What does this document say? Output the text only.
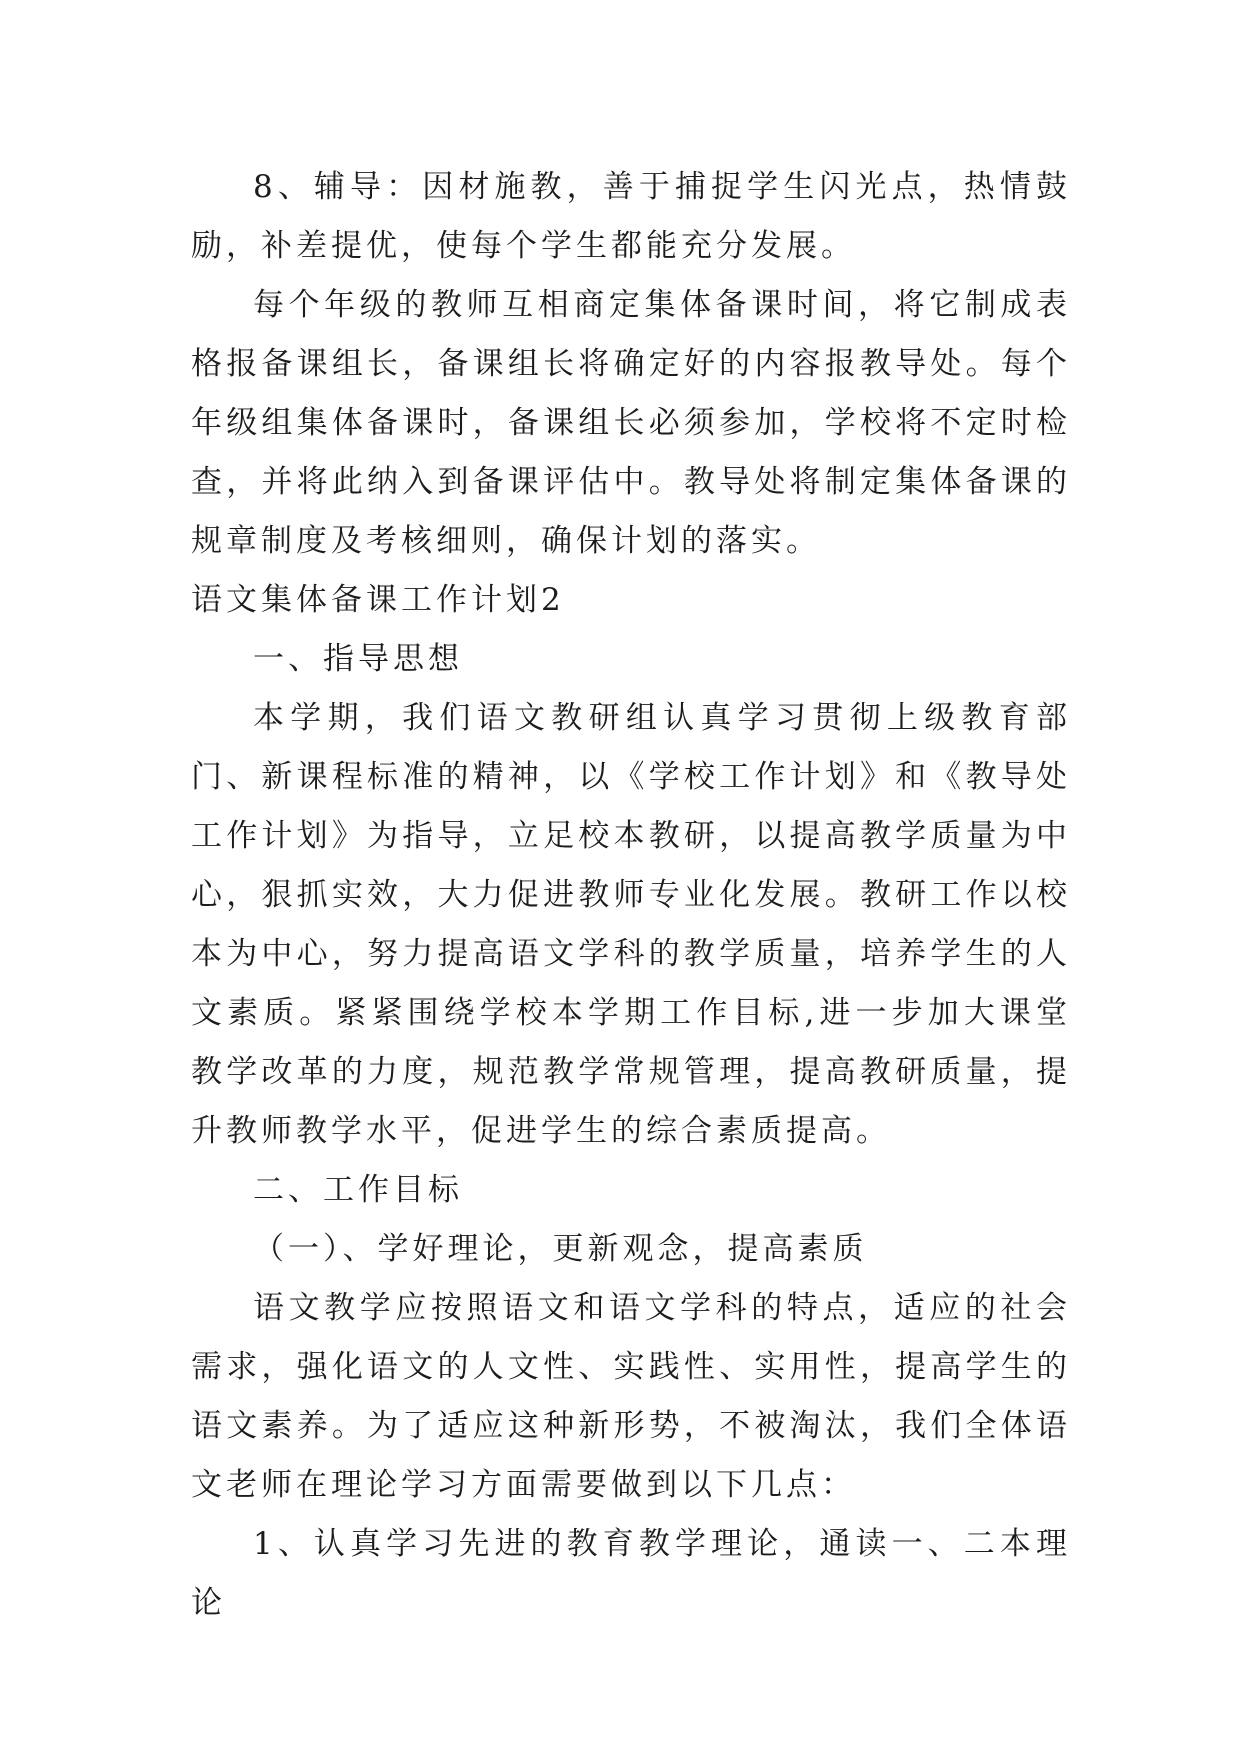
8、辅导：因材施教，善于捕捉学生闪光点，热情鼓励，补差提优，使每个学生都能充分发展。

每个年级的教师互相商定集体备课时间，将它制成表格报备课组长，备课组长将确定好的内容报教导处。每个年级组集体备课时，备课组长必须参加，学校将不定时检查，并将此纳入到备课评估中。教导处将制定集体备课的规章制度及考核细则，确保计划的落实。

语文集体备课工作计划2

一、指导思想

本学期，我们语文教研组认真学习贯彻上级教育部门、新课程标准的精神，以《学校工作计划》和《教导处工作计划》为指导，立足校本教研，以提高教学质量为中心，狠抓实效，大力促进教师专业化发展。教研工作以校本为中心，努力提高语文学科的教学质量，培养学生的人文素质。紧紧围绕学校本学期工作目标,进一步加大课堂教学改革的力度，规范教学常规管理，提高教研质量，提升教师教学水平，促进学生的综合素质提高。

二、工作目标

（一）、学好理论，更新观念，提高素质

语文教学应按照语文和语文学科的特点，适应的社会需求，强化语文的人文性、实践性、实用性，提高学生的语文素养。为了适应这种新形势，不被淘汰，我们全体语文老师在理论学习方面需要做到以下几点：

1、认真学习先进的教育教学理论，通读一、二本理论
